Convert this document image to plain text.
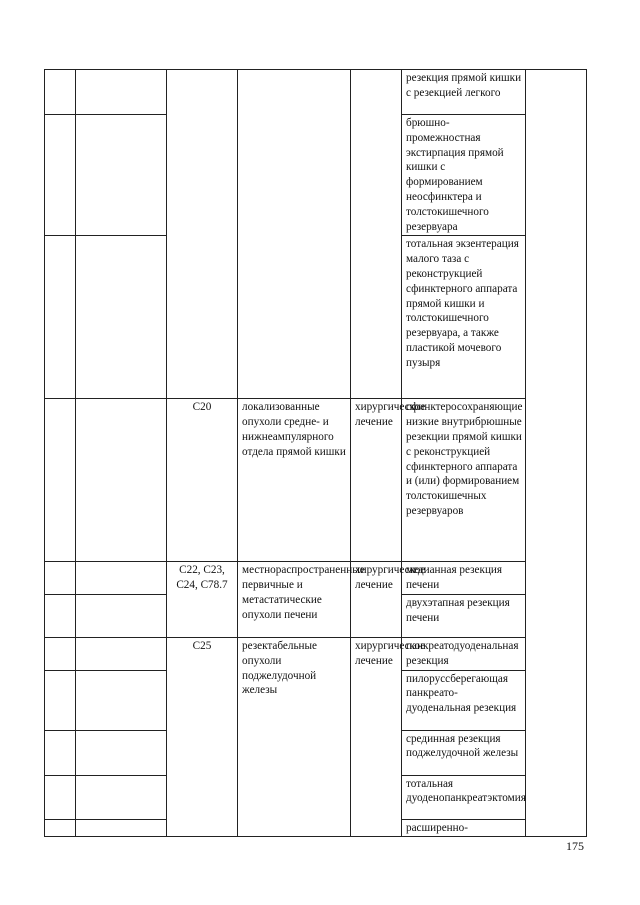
					резекция прямой кишки с резекцией легкого	
					брюшно-промежностная экстирпация прямой кишки с формированием неосфинктера и толстокишечного резервуара	
					тотальная экзентерация малого таза с реконструкцией сфинктерного аппарата прямой кишки и толстокишечного резервуара, а также пластикой мочевого пузыря	
		C20	локализованные опухоли средне- и нижнеампулярного отдела прямой кишки	хирургическое лечение	сфинктеросохраняющие низкие внутрибрюшные резекции прямой кишки с реконструкцией сфинктерного аппарата и (или) формированием толстокишечных резервуаров	
		C22, C23, C24, C78.7	местнораспространенные первичные и метастатические опухоли печени	хирургическое лечение	медианная резекция печени	
					двухэтапная резекция печени	
		C25	резектабельные опухоли поджелудочной железы	хирургическое лечение	панкреатодуоденальная резекция	
					пилоруссберегающая панкреато-дуоденальная резекция	
					срединная резекция поджелудочной железы	
					тотальная дуоденопанкреатэктомия	
					расширенно-	
175
